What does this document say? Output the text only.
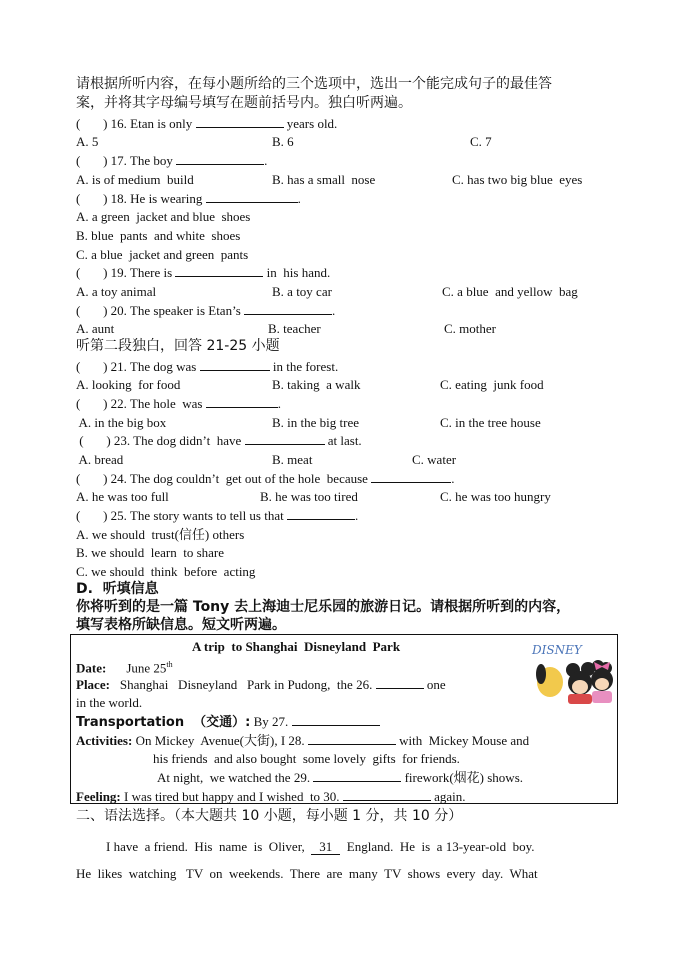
请根据所听内容，在每小题所给的三个选项中，选出一个能完成句子的最佳答
案，并将其字母编号填写在题前括号内。独白听两遍。
(       ) 16. Etan is only	years old.
A. 5	B. 6	C. 7
(       ) 17. The boy	.
A. is of medium  build	B. has a small  nose	C. has two big blue  eyes
(       ) 18. He is wearing	.
A. a green  jacket and blue  shoes
B. blue  pants  and white  shoes
C. a blue  jacket and green  pants
(       ) 19. There is	in  his hand.
A. a toy animal	B. a toy car	C. a blue  and yellow  bag
(       ) 20. The speaker is Etan’s	.
A. aunt	B. teacher	C. mother
听第二段独白，回答 21-25 小题
(       ) 21. The dog was	in the forest.
A. looking  for food	B. taking  a walk	C. eating  junk food
(       ) 22. The hole  was	.
A. in the big box	B. in the big tree	C. in the tree house
(       ) 23. The dog didn’t  have	at last.
A. bread	B. meat	C. water
(       ) 24. The dog couldn’t  get out of the hole  because	.
A. he was too full	B. he was too tired	C. he was too hungry
(       ) 25. The story wants to tell us that	.
A. we should  trust(信任) others
B. we should  learn  to share
C. we should  think  before  acting
D.  听填信息
你将听到的是一篇 Tony 去上海迪士尼乐园的旅游日记。请根据所听到的内容，
填写表格所缺信息。短文听两遍。
A trip  to Shanghai  Disneyland  Park
Date: June 25th
Place: Shanghai   Disneyland   Park in Pudong,  the 26.	one
in the world.
Transportation  （交通）: By 27.
Activities: On Mickey  Avenue(大街), I 28.	with  Mickey Mouse and
his friends  and also bought  some lovely  gifts  for friends.
At night,  we watched the 29.	firework(烟花) shows.
Feeling: I was tired but happy and I wished  to 30.	again.
DISNEY
二、语法选择。（本大题共 10 小题，每小题 1 分，共 10 分）
I have  a friend.  His  name  is  Oliver,  31  England.  He  is  a 13-year-old  boy.
He  likes  watching   TV  on  weekends.  There  are  many  TV  shows  every  day.  What
